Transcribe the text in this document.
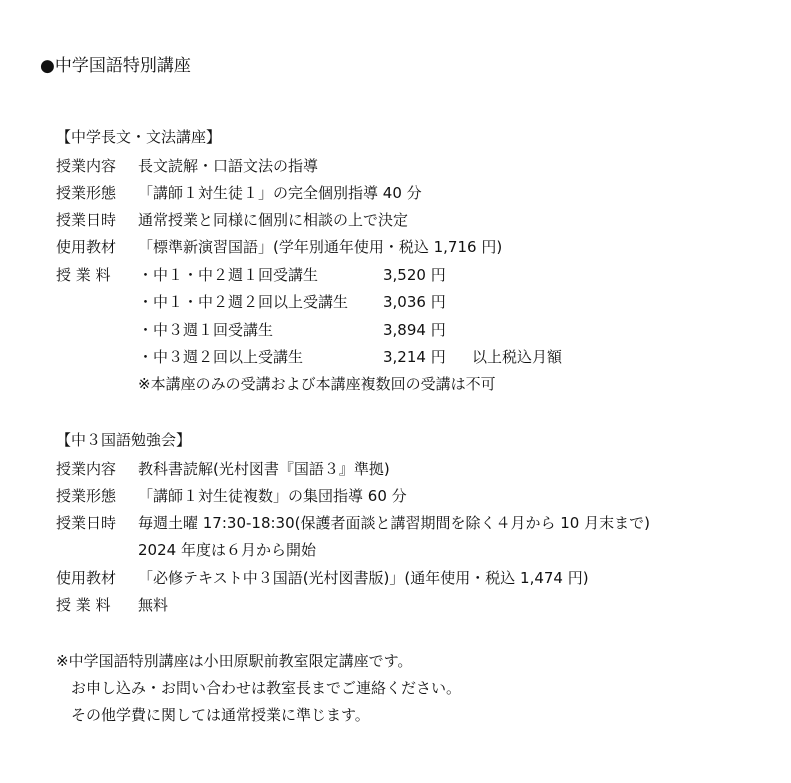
●中学国語特別講座
【中学長文・文法講座】
授業内容 長文読解・口語文法の指導
授業形態 「講師１対生徒１」の完全個別指導 40 分
授業日時 通常授業と同様に個別に相談の上で決定
使用教材 「標準新演習国語」(学年別通年使用・税込 1,716 円)
授 業 料 ・中１・中２週１回受講生	3,520 円
・中１・中２週２回以上受講生 3,036 円
・中３週１回受講生	3,894 円
・中３週２回以上受講生	3,214 円 以上税込月額
※本講座のみの受講および本講座複数回の受講は不可
【中３国語勉強会】
授業内容 教科書読解(光村図書『国語３』準拠)
授業形態 「講師１対生徒複数」の集団指導 60 分
授業日時 毎週土曜 17:30-18:30(保護者面談と講習期間を除く４月から 10 月末まで)
2024 年度は６月から開始
使用教材 「必修テキスト中３国語(光村図書版)」(通年使用・税込 1,474 円)
授 業 料 無料
※中学国語特別講座は小田原駅前教室限定講座です。
　お申し込み・お問い合わせは教室長までご連絡ください。
　その他学費に関しては通常授業に準じます。
